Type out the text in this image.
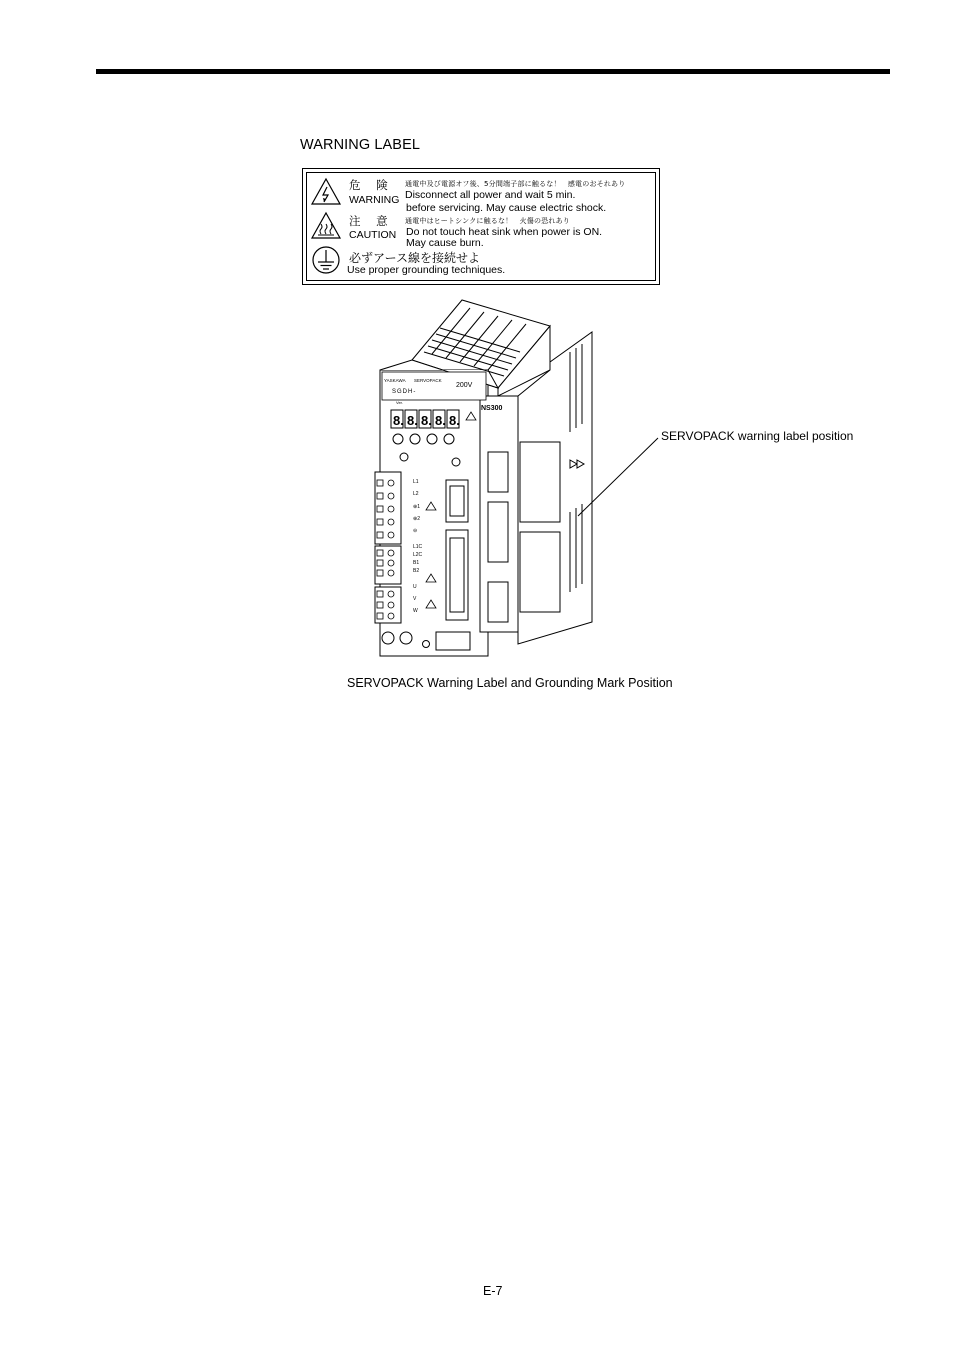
WARNING LABEL
危 険
WARNING
通電中及び電源オフ後、5分間端子部に触るな！　感電のおそれあり
Disconnect all power and wait 5 min.
before servicing. May cause electric shock.
注 意
CAUTION
通電中はヒートシンクに触るな！　火傷の恐れあり
Do not touch heat sink when power is ON.
May cause burn.
必ずアース線を接続せよ
Use proper grounding techniques.
YASKAWA SERVOPACK
200V
SGDH-
Ver.
8. 8. 8. 8. 8.
L1
L2
⊕1
⊕2
⊖
L1C
L2C
B1
B2
U
V
W
NS300
SERVOPACK warning label position
SERVOPACK Warning Label and Grounding Mark Position
E-7
